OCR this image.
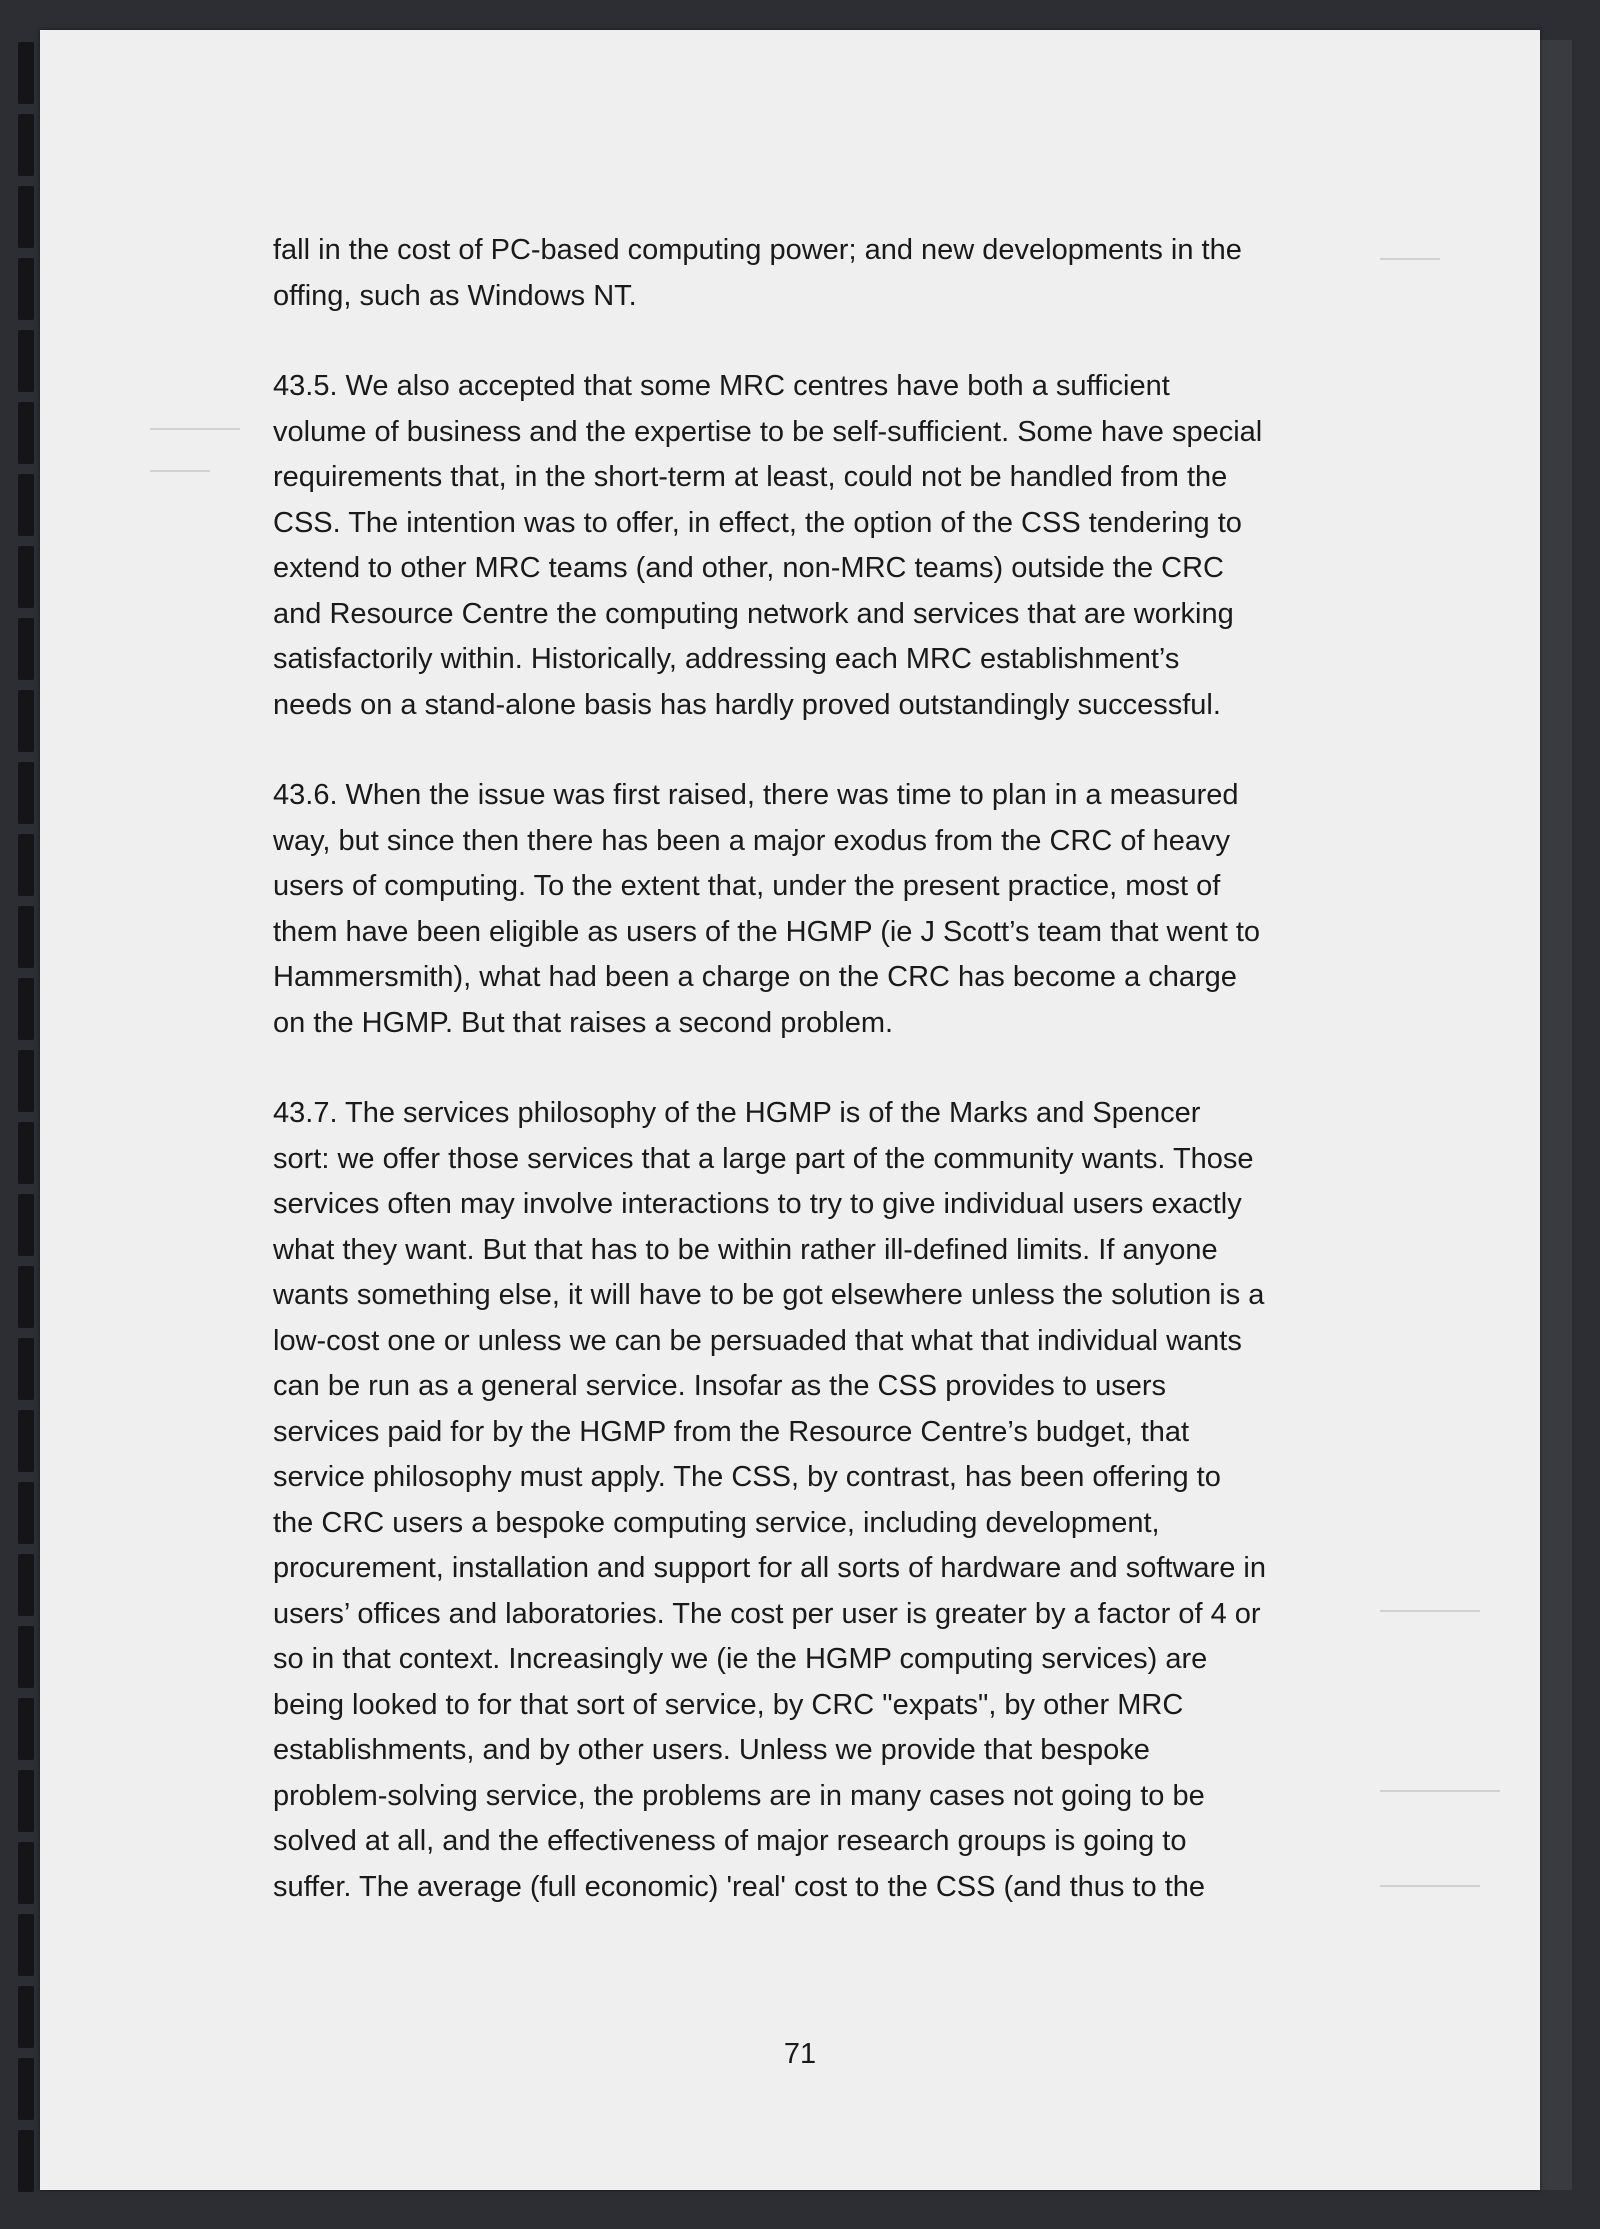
fall in the cost of PC-based computing power; and new developments in the
offing, such as Windows NT.

43.5. We also accepted that some MRC centres have both a sufficient
volume of business and the expertise to be self-sufficient. Some have special
requirements that, in the short-term at least, could not be handled from the
CSS. The intention was to offer, in effect, the option of the CSS tendering to
extend to other MRC teams (and other, non-MRC teams) outside the CRC
and Resource Centre the computing network and services that are working
satisfactorily within. Historically, addressing each MRC establishment’s
needs on a stand-alone basis has hardly proved outstandingly successful.

43.6. When the issue was first raised, there was time to plan in a measured
way, but since then there has been a major exodus from the CRC of heavy
users of computing. To the extent that, under the present practice, most of
them have been eligible as users of the HGMP (ie J Scott’s team that went to
Hammersmith), what had been a charge on the CRC has become a charge
on the HGMP. But that raises a second problem.

43.7. The services philosophy of the HGMP is of the Marks and Spencer
sort: we offer those services that a large part of the community wants. Those
services often may involve interactions to try to give individual users exactly
what they want. But that has to be within rather ill-defined limits. If anyone
wants something else, it will have to be got elsewhere unless the solution is a
low-cost one or unless we can be persuaded that what that individual wants
can be run as a general service. Insofar as the CSS provides to users
services paid for by the HGMP from the Resource Centre’s budget, that
service philosophy must apply. The CSS, by contrast, has been offering to
the CRC users a bespoke computing service, including development,
procurement, installation and support for all sorts of hardware and software in
users’ offices and laboratories. The cost per user is greater by a factor of 4 or
so in that context. Increasingly we (ie the HGMP computing services) are
being looked to for that sort of service, by CRC "expats", by other MRC
establishments, and by other users. Unless we provide that bespoke
problem-solving service, the problems are in many cases not going to be
solved at all, and the effectiveness of major research groups is going to
suffer. The average (full economic) 'real' cost to the CSS (and thus to the

71
